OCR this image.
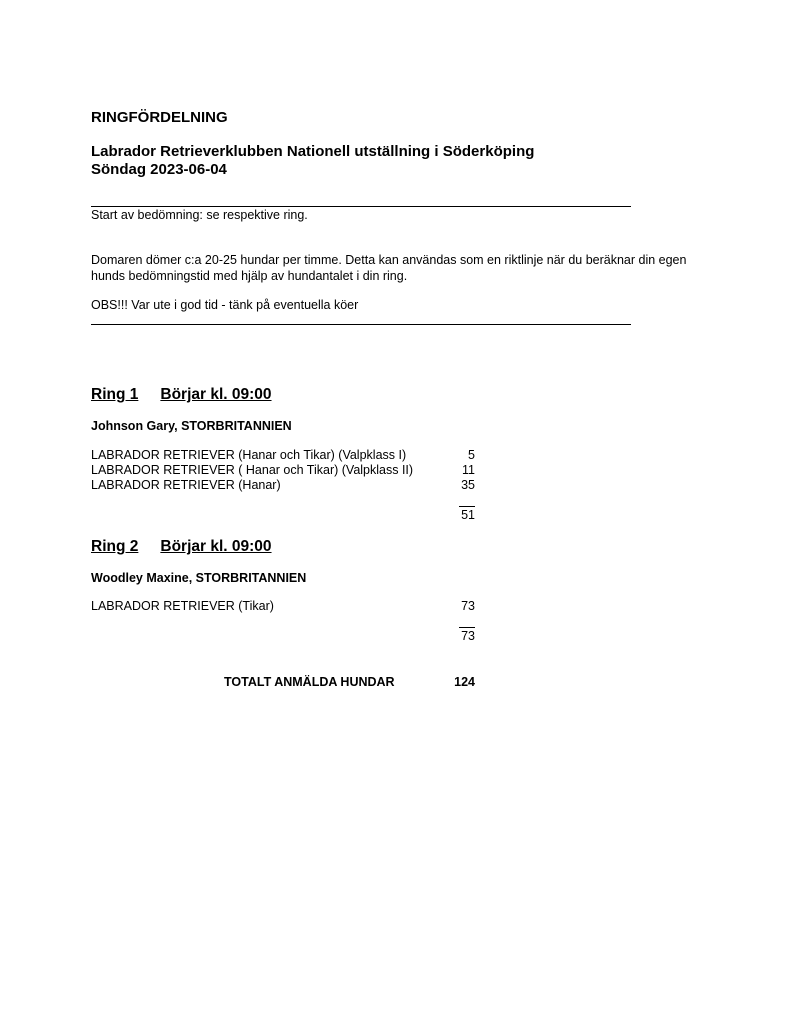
RINGFÖRDELNING
Labrador Retrieverklubben Nationell utställning i Söderköping
Söndag 2023-06-04
Start av bedömning: se respektive ring.
Domaren dömer c:a 20-25 hundar per timme. Detta kan användas som en riktlinje när du beräknar din egen hunds bedömningstid med hjälp av hundantalet i din ring.
OBS!!! Var ute i god tid - tänk på eventuella köer
Ring 1 Börjar kl. 09:00
Johnson Gary, STORBRITANNIEN
LABRADOR RETRIEVER (Hanar och Tikar) (Valpklass I)	5
LABRADOR RETRIEVER ( Hanar och Tikar) (Valpklass II)	11
LABRADOR RETRIEVER (Hanar)	35
51
Ring 2 Börjar kl. 09:00
Woodley Maxine, STORBRITANNIEN
LABRADOR RETRIEVER (Tikar)	73
73
TOTALT ANMÄLDA HUNDAR	124
